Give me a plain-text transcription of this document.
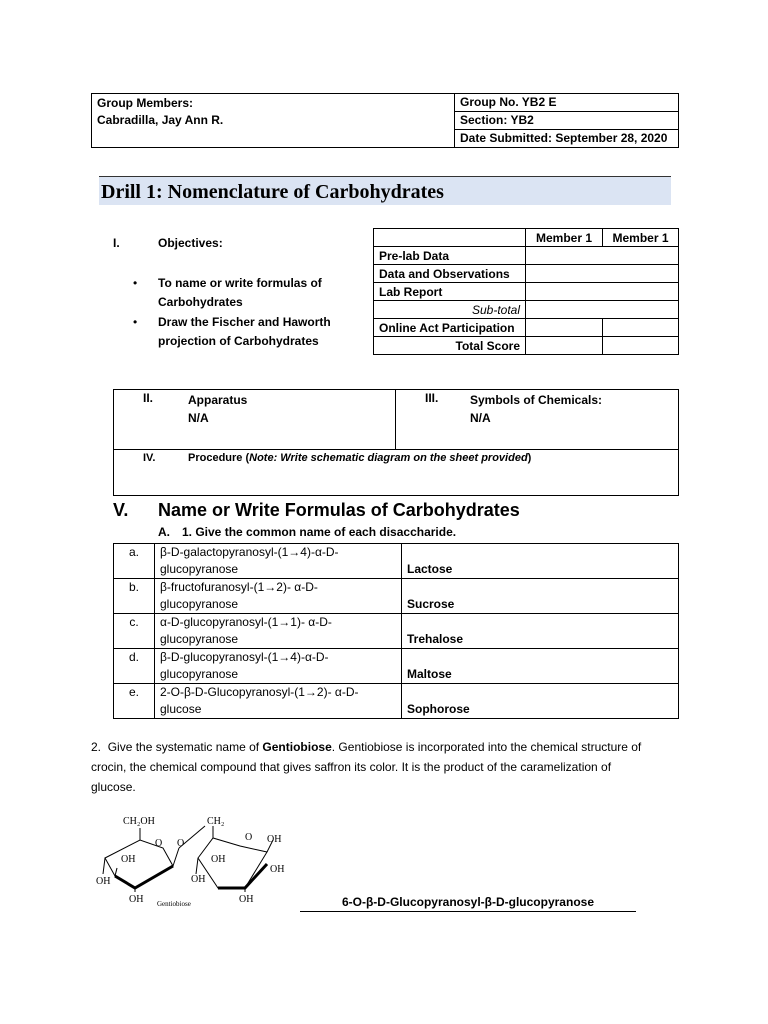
Group Members:
Cabradilla, Jay Ann R.
	Group No. YB2 E
Section: YB2
Date Submitted: September 28, 2020
Drill 1: Nomenclature of Carbohydrates
I.	Objectives:
• To name or write formulas of
Carbohydrates
• Draw the Fischer and Haworth
projection of Carbohydrates
	Member 1	Member 1
Pre-lab Data		
Data and Observations		
Lab Report		
Sub-total		
Online Act Participation		
Total Score		
II.	Apparatus
N/A
III.	Symbols of Chemicals:
N/A
IV.	Procedure (Note: Write schematic diagram on the sheet provided)
V. Name or Write Formulas of Carbohydrates
A. 1. Give the common name of each disaccharide.
a.	β-D-galactopyranosyl-(1→4)-α-D-
glucopyranose	Lactose
b.	β-fructofuranosyl-(1→2)- α-D-
glucopyranose	Sucrose
c.	α-D-glucopyranosyl-(1→1)- α-D-
glucopyranose	Trehalose
d.	β-D-glucopyranosyl-(1→4)-α-D-
glucopyranose	Maltose
e.	2-O-β-D-Glucopyranosyl-(1→2)- α-D-
glucose	Sophorose
2. Give the systematic name of Gentiobiose. Gentiobiose is incorporated into the chemical structure of
crocin, the chemical compound that gives saffron its color. It is the product of the caramelization of
glucose.
CH₂OH
O
OH
OH
OH
O
CH₂
O OH
OH
OH
OH
OH
Gentiobiose	6-O-β-D-Glucopyranosyl-β-D-glucopyranose
